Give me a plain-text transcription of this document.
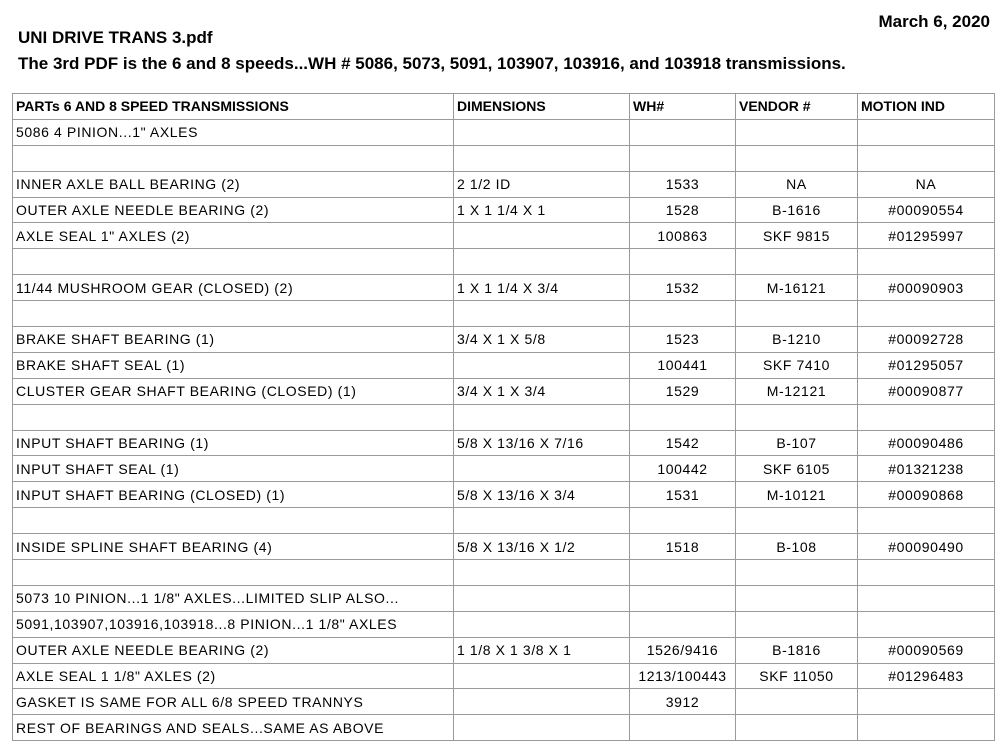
March 6, 2020
UNI DRIVE TRANS 3.pdf
The 3rd PDF is the 6 and 8 speeds...WH # 5086, 5073, 5091, 103907, 103916, and 103918 transmissions.
PARTs 6 AND 8 SPEED TRANSMISSIONS	DIMENSIONS	WH#	VENDOR #	MOTION IND
5086 4 PINION...1" AXLES				

INNER AXLE BALL BEARING (2)	2 1/2 ID	1533	NA	NA
OUTER AXLE NEEDLE BEARING (2)	1 X 1 1/4 X 1	1528	B-1616	#00090554
AXLE SEAL 1" AXLES (2)		100863	SKF 9815	#01295997

11/44 MUSHROOM GEAR (CLOSED) (2)	1 X 1 1/4 X 3/4	1532	M-16121	#00090903

BRAKE SHAFT BEARING (1)	3/4 X 1 X 5/8	1523	B-1210	#00092728
BRAKE SHAFT SEAL (1)		100441	SKF 7410	#01295057
CLUSTER GEAR SHAFT BEARING (CLOSED) (1)	3/4 X 1 X 3/4	1529	M-12121	#00090877

INPUT SHAFT BEARING (1)	5/8 X 13/16 X 7/16	1542	B-107	#00090486
INPUT SHAFT SEAL (1)		100442	SKF 6105	#01321238
INPUT SHAFT BEARING (CLOSED) (1)	5/8 X 13/16 X 3/4	1531	M-10121	#00090868

INSIDE SPLINE SHAFT BEARING (4)	5/8 X 13/16 X 1/2	1518	B-108	#00090490

5073 10 PINION...1 1/8" AXLES...LIMITED SLIP ALSO...				
5091,103907,103916,103918...8 PINION...1 1/8" AXLES				
OUTER AXLE NEEDLE BEARING (2)	1 1/8 X 1 3/8 X 1	1526/9416	B-1816	#00090569
AXLE SEAL 1 1/8" AXLES (2)		1213/100443	SKF 11050	#01296483
GASKET IS SAME FOR ALL 6/8 SPEED TRANNYS		3912		
REST OF BEARINGS AND SEALS...SAME AS ABOVE				
